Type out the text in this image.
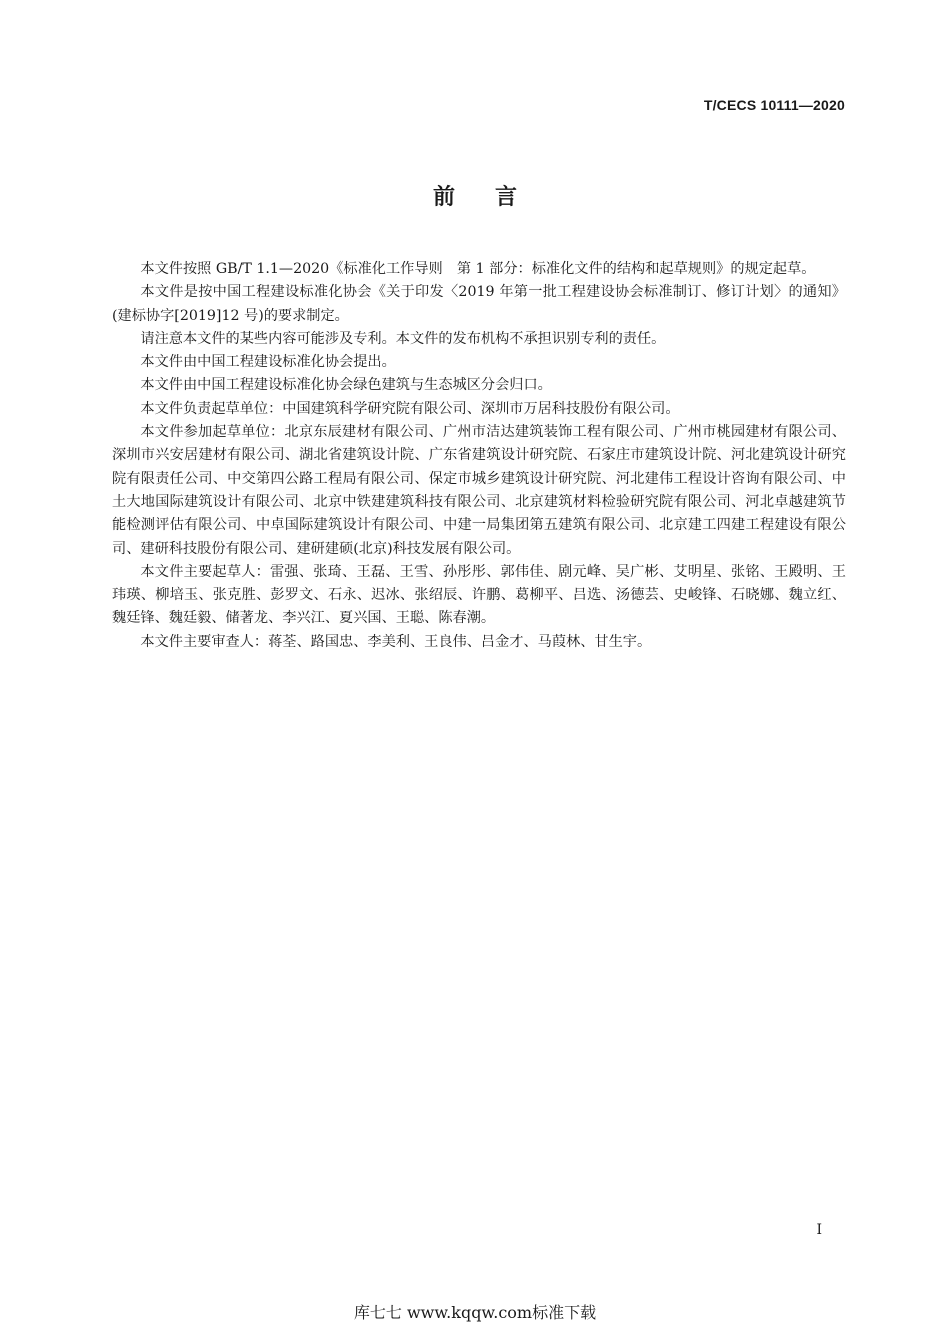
T/CECS 10111—2020
前言

本文件按照 GB/T 1.1—2020《标准化工作导则　第 1 部分：标准化文件的结构和起草规则》的规定起草。

本文件是按中国工程建设标准化协会《关于印发〈2019 年第一批工程建设协会标准制订、修订计划〉的通知》(建标协字[2019]12 号)的要求制定。

请注意本文件的某些内容可能涉及专利。本文件的发布机构不承担识别专利的责任。

本文件由中国工程建设标准化协会提出。

本文件由中国工程建设标准化协会绿色建筑与生态城区分会归口。

本文件负责起草单位：中国建筑科学研究院有限公司、深圳市万居科技股份有限公司。

本文件参加起草单位：北京东辰建材有限公司、广州市洁达建筑装饰工程有限公司、广州市桃园建材有限公司、深圳市兴安居建材有限公司、湖北省建筑设计院、广东省建筑设计研究院、石家庄市建筑设计院、河北建筑设计研究院有限责任公司、中交第四公路工程局有限公司、保定市城乡建筑设计研究院、河北建伟工程设计咨询有限公司、中土大地国际建筑设计有限公司、北京中铁建建筑科技有限公司、北京建筑材料检验研究院有限公司、河北卓越建筑节能检测评估有限公司、中卓国际建筑设计有限公司、中建一局集团第五建筑有限公司、北京建工四建工程建设有限公司、建研科技股份有限公司、建研建硕(北京)科技发展有限公司。

本文件主要起草人：雷强、张琦、王磊、王雪、孙彤彤、郭伟佳、剧元峰、吴广彬、艾明星、张铭、王殿明、王玮瑛、柳培玉、张克胜、彭罗文、石永、迟冰、张绍辰、许鹏、葛柳平、吕选、汤德芸、史峻锋、石晓娜、魏立红、魏廷锋、魏廷毅、储著龙、李兴江、夏兴国、王聪、陈春潮。

本文件主要审查人：蒋荃、路国忠、李美利、王良伟、吕金才、马葭林、甘生宇。

I
库七七 www.kqqw.com标准下载
